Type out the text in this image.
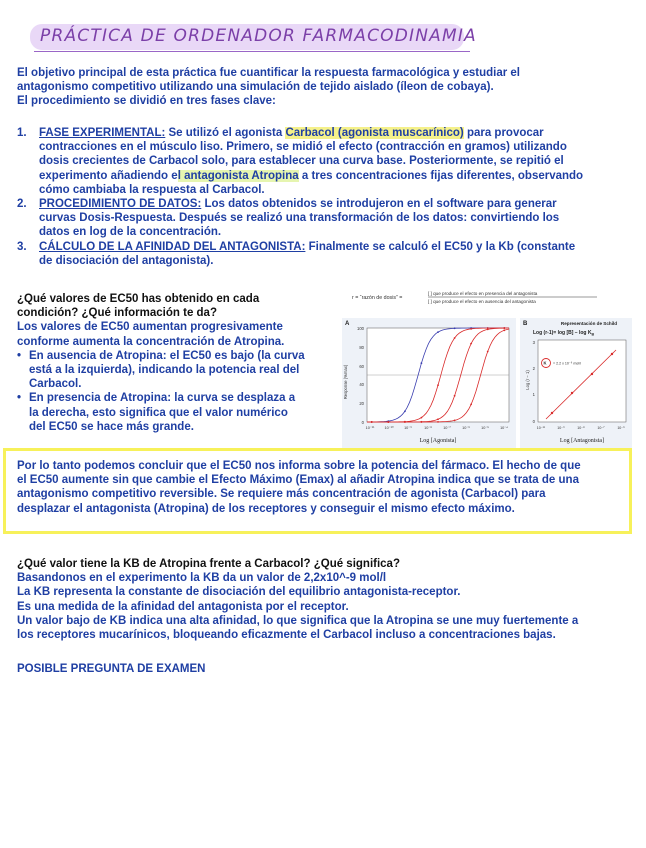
PRÁCTICA DE ORDENADOR FARMACODINAMIA
El objetivo principal de esta práctica fue cuantificar la respuesta farmacológica y estudiar el
antagonismo competitivo utilizando una simulación de tejido aislado (íleon de cobaya).
El procedimiento se dividió en tres fases clave:
1. FASE EXPERIMENTAL: Se utilizó el agonista Carbacol (agonista muscarínico) para provocar
contracciones en el músculo liso. Primero, se midió el efecto (contracción en gramos) utilizando
dosis crecientes de Carbacol solo, para establecer una curva base. Posteriormente, se repitió el
experimento añadiendo el antagonista Atropina a tres concentraciones fijas diferentes, observando
cómo cambiaba la respuesta al Carbacol.
2. PROCEDIMIENTO DE DATOS: Los datos obtenidos se introdujeron en el software para generar
curvas Dosis-Respuesta. Después se realizó una transformación de los datos: convirtiendo los
datos en log de la concentración.
3. CÁLCULO DE LA AFINIDAD DEL ANTAGONISTA: Finalmente se calculó el EC50 y la Kb (constante
de disociación del antagonista).
¿Qué valores de EC50 has obtenido en cada
condición? ¿Qué información te da?
Los valores de EC50 aumentan progresivamente
conforme aumenta la concentración de Atropina.
• En ausencia de Atropina: el EC50 es bajo (la curva
está a la izquierda), indicando la potencia real del
Carbacol.
• En presencia de Atropina: la curva se desplaza a
la derecha, esto significa que el valor numérico
del EC50 se hace más grande.
r = “razón de dosis” =
[ ] que produce el efecto en presencia del antagonista
[ ] que produce el efecto en ausencia del antagonista
A
Response (%max)
100
80
60
40
20
0
10⁻¹¹	10⁻¹⁰	10⁻⁹	10⁻⁸	10⁻⁷	10⁻⁶	10⁻⁵	10⁻⁴
Log [Agonista]
B	Representación de Schild
Log $(r-1)= \log [B] - \log K_B$
Log (r − 1)
3
2
1
0
K = 2.2 x 10⁻⁹ mol/l
10⁻¹⁰	10⁻⁹	10⁻⁸	10⁻⁷	10⁻⁶
Log [Antagonista]
Por lo tanto podemos concluir que el EC50 nos informa sobre la potencia del fármaco. El hecho de que
el EC50 aumente sin que cambie el Efecto Máximo (Emax) al añadir Atropina indica que se trata de una
antagonismo competitivo reversible. Se requiere más concentración de agonista (Carbacol) para
desplazar el antagonista (Atropina) de los receptores y conseguir el mismo efecto máximo.
¿Qué valor tiene la KB de Atropina frente a Carbacol? ¿Qué significa?
Basandonos en el experimento la KB da un valor de 2,2x10^-9 mol/l
La KB representa la constante de disociación del equilibrio antagonista-receptor.
Es una medida de la afinidad del antagonista por el receptor.
Un valor bajo de KB indica una alta afinidad, lo que significa que la Atropina se une muy fuertemente a
los receptores mucarínicos, bloqueando eficazmente el Carbacol incluso a concentraciones bajas.
POSIBLE PREGUNTA DE EXAMEN
